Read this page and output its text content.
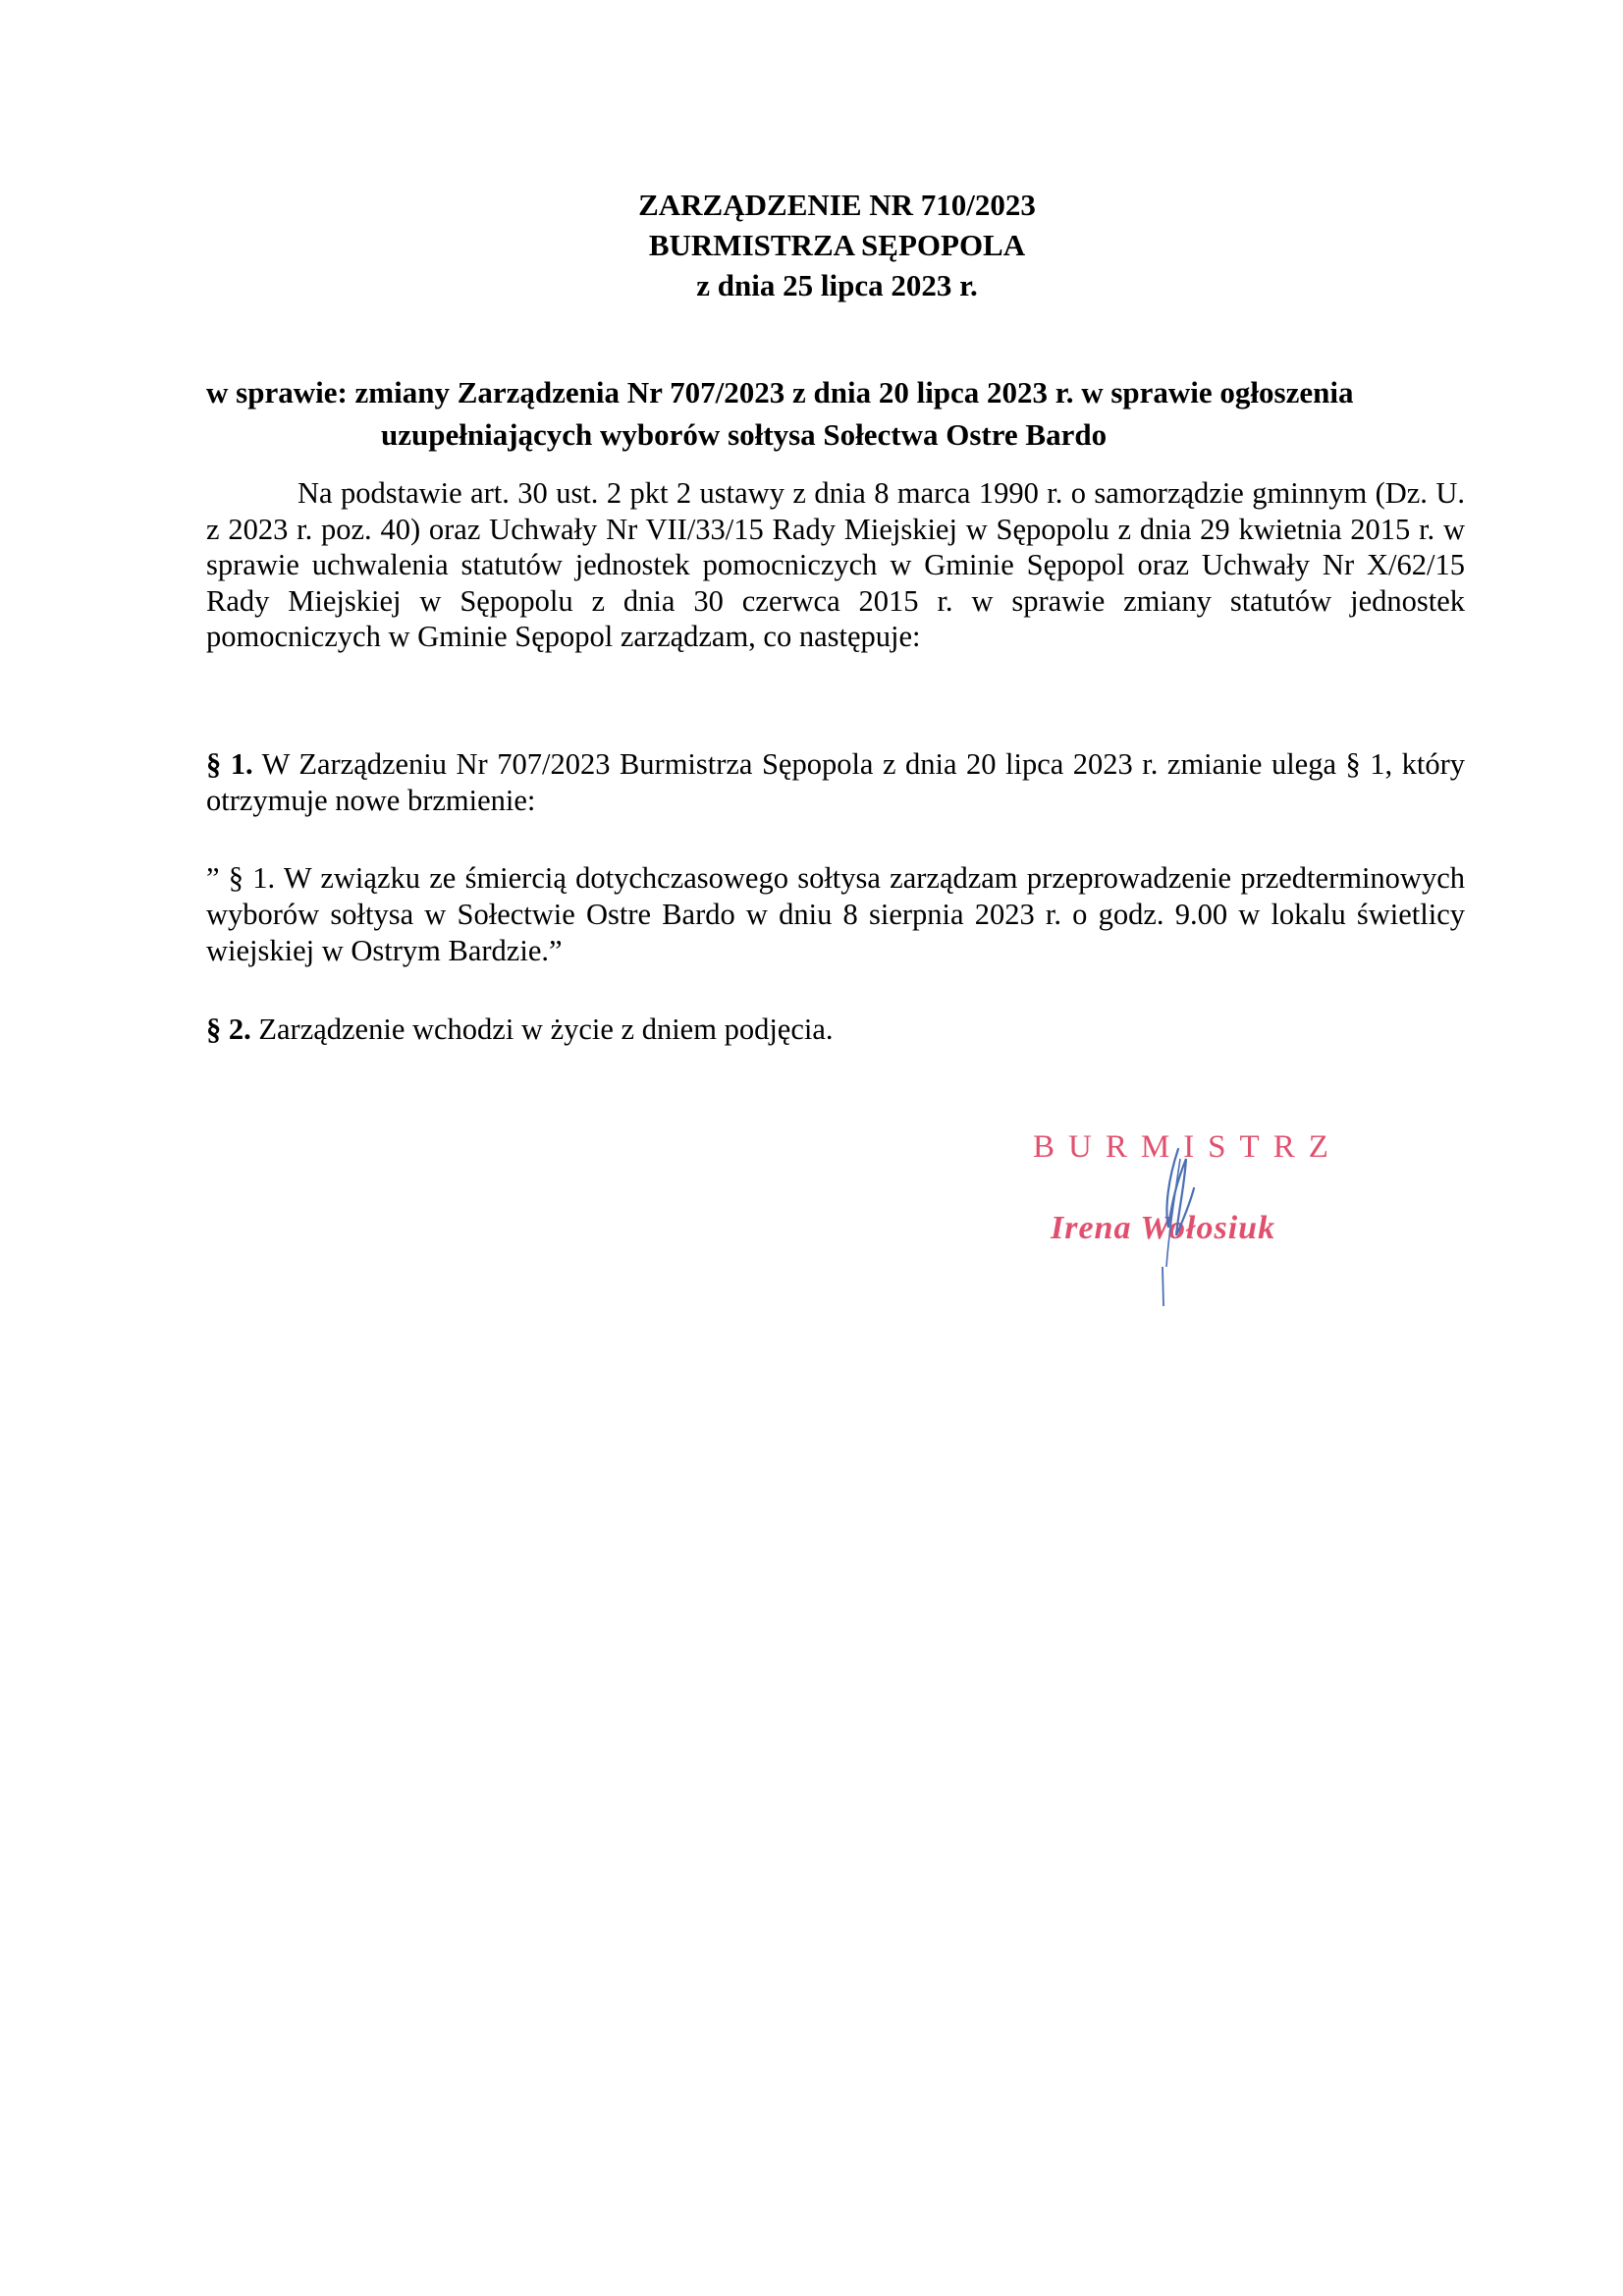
ZARZĄDZENIE NR 710/2023
BURMISTRZA SĘPOPOLA
z dnia 25 lipca 2023 r.
w sprawie: zmiany Zarządzenia Nr 707/2023 z dnia 20 lipca 2023 r. w sprawie ogłoszenia
uzupełniających wyborów sołtysa Sołectwa Ostre Bardo
Na podstawie art. 30 ust. 2 pkt 2 ustawy z dnia 8 marca 1990 r. o samorządzie gminnym (Dz. U. z 2023 r. poz. 40) oraz Uchwały Nr VII/33/15 Rady Miejskiej w Sępopolu z dnia 29 kwietnia 2015 r. w sprawie uchwalenia statutów jednostek pomocniczych w Gminie Sępopol oraz Uchwały Nr X/62/15 Rady Miejskiej w Sępopolu z dnia 30 czerwca 2015 r. w sprawie zmiany statutów jednostek pomocniczych w Gminie Sępopol zarządzam, co następuje:
§ 1. W Zarządzeniu Nr 707/2023 Burmistrza Sępopola z dnia 20 lipca 2023 r. zmianie ulega § 1, który otrzymuje nowe brzmienie:
” § 1. W związku ze śmiercią dotychczasowego sołtysa zarządzam przeprowadzenie przedterminowych wyborów sołtysa w Sołectwie Ostre Bardo w dniu 8 sierpnia 2023 r. o godz. 9.00 w lokalu świetlicy wiejskiej w Ostrym Bardzie.”
§ 2. Zarządzenie wchodzi w życie z dniem podjęcia.
BURMISTRZ
Irena Wołosiuk
